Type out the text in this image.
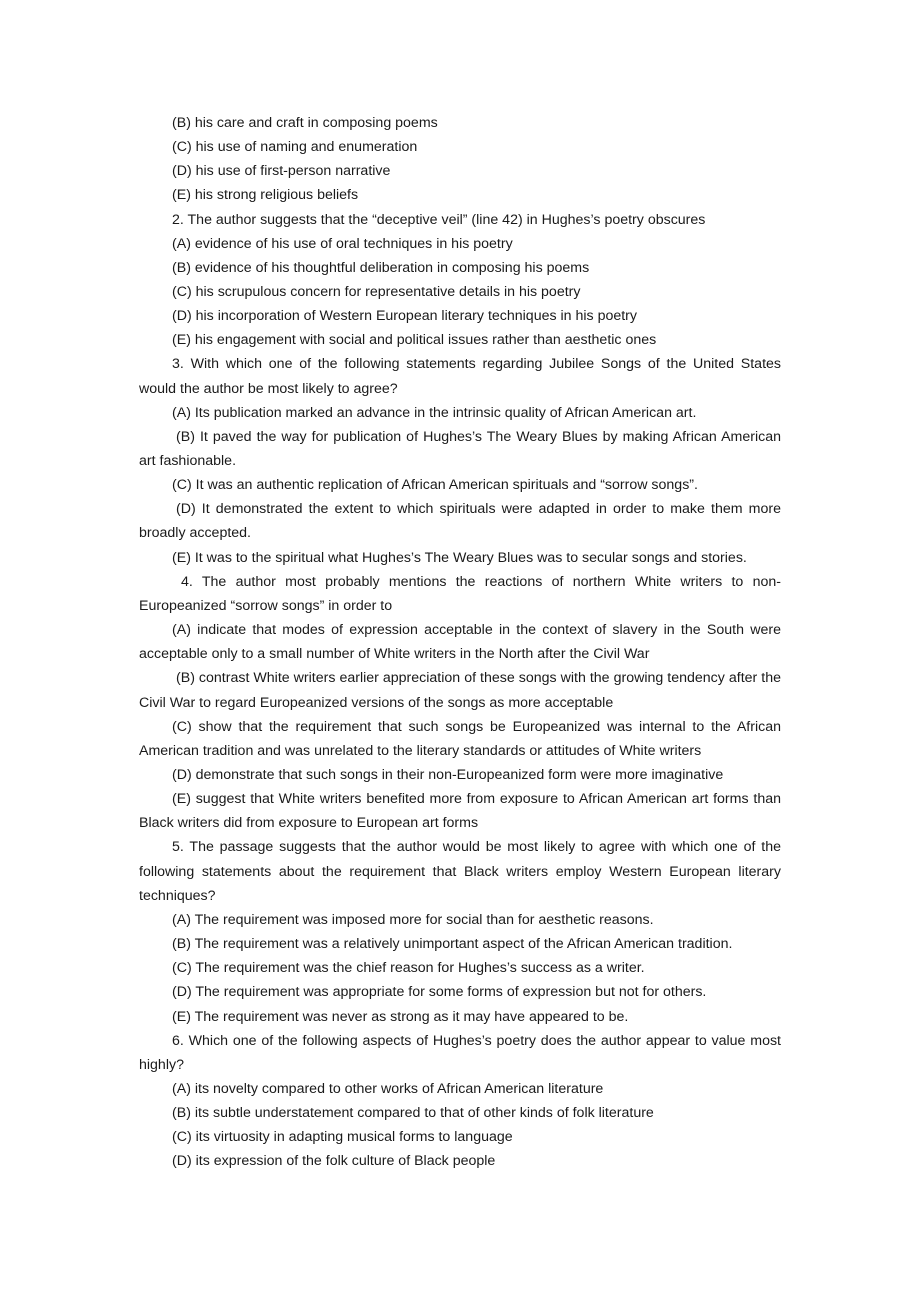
(B) his care and craft in composing poems
(C) his use of naming and enumeration
(D) his use of first-person narrative
(E) his strong religious beliefs
2. The author suggests that the “deceptive veil” (line 42) in Hughes’s poetry obscures
(A) evidence of his use of oral techniques in his poetry
(B) evidence of his thoughtful deliberation in composing his poems
(C) his scrupulous concern for representative details in his poetry
(D) his incorporation of Western European literary techniques in his poetry
(E) his engagement with social and political issues rather than aesthetic ones
3. With which one of the following statements regarding Jubilee Songs of the United States would the author be most likely to agree?
(A) Its publication marked an advance in the intrinsic quality of African American art.
(B) It paved the way for publication of Hughes’s The Weary Blues by making African American art fashionable.
(C) It was an authentic replication of African American spirituals and “sorrow songs”.
(D) It demonstrated the extent to which spirituals were adapted in order to make them more broadly accepted.
(E) It was to the spiritual what Hughes’s The Weary Blues was to secular songs and stories.
4. The author most probably mentions the reactions of northern White writers to non-Europeanized “sorrow songs” in order to
(A) indicate that modes of expression acceptable in the context of slavery in the South were acceptable only to a small number of White writers in the North after the Civil War
(B) contrast White writers earlier appreciation of these songs with the growing tendency after the Civil War to regard Europeanized versions of the songs as more acceptable
(C) show that the requirement that such songs be Europeanized was internal to the African American tradition and was unrelated to the literary standards or attitudes of White writers
(D) demonstrate that such songs in their non-Europeanized form were more imaginative
(E) suggest that White writers benefited more from exposure to African American art forms than Black writers did from exposure to European art forms
5. The passage suggests that the author would be most likely to agree with which one of the following statements about the requirement that Black writers employ Western European literary techniques?
(A) The requirement was imposed more for social than for aesthetic reasons.
(B) The requirement was a relatively unimportant aspect of the African American tradition.
(C) The requirement was the chief reason for Hughes’s success as a writer.
(D) The requirement was appropriate for some forms of expression but not for others.
(E) The requirement was never as strong as it may have appeared to be.
6. Which one of the following aspects of Hughes’s poetry does the author appear to value most highly?
(A) its novelty compared to other works of African American literature
(B) its subtle understatement compared to that of other kinds of folk literature
(C) its virtuosity in adapting musical forms to language
(D) its expression of the folk culture of Black people
